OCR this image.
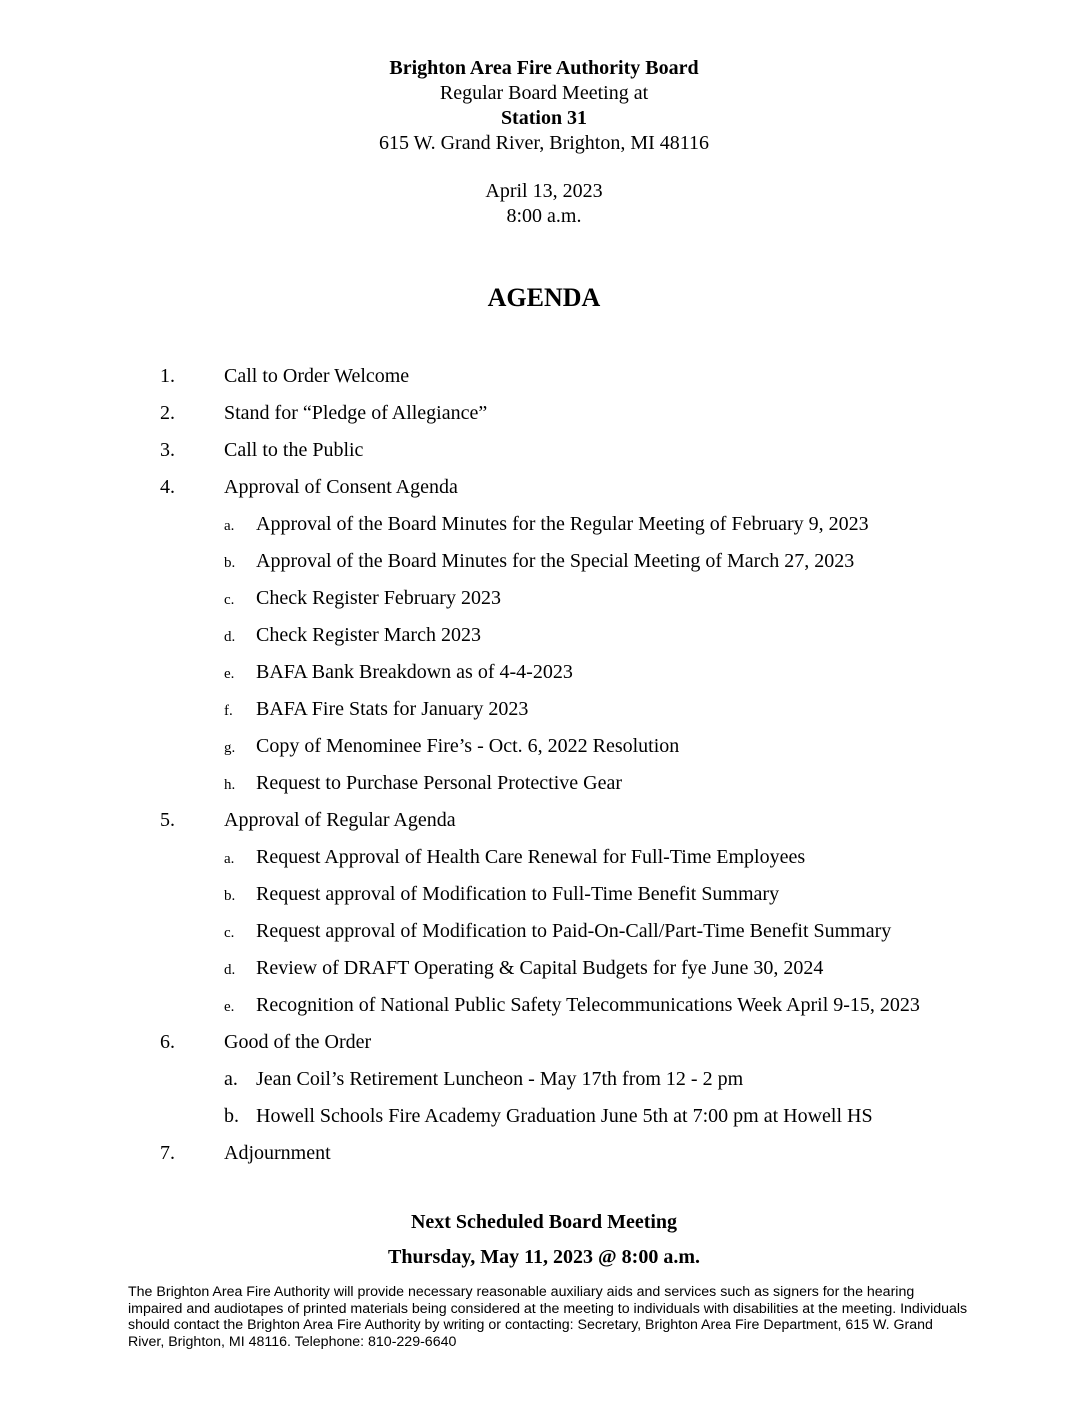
Brighton Area Fire Authority Board
Regular Board Meeting at
Station 31
615 W. Grand River, Brighton, MI 48116
April 13, 2023
8:00 a.m.
AGENDA
1. Call to Order Welcome
2. Stand for “Pledge of Allegiance”
3. Call to the Public
4. Approval of Consent Agenda
a. Approval of the Board Minutes for the Regular Meeting of February 9, 2023
b. Approval of the Board Minutes for the Special Meeting of March 27, 2023
c. Check Register February 2023
d. Check Register March 2023
e. BAFA Bank Breakdown as of 4-4-2023
f. BAFA Fire Stats for January 2023
g. Copy of Menominee Fire’s - Oct. 6, 2022 Resolution
h. Request to Purchase Personal Protective Gear
5. Approval of Regular Agenda
a. Request Approval of Health Care Renewal for Full-Time Employees
b. Request approval of Modification to Full-Time Benefit Summary
c. Request approval of Modification to Paid-On-Call/Part-Time Benefit Summary
d. Review of DRAFT Operating & Capital Budgets for fye June 30, 2024
e. Recognition of National Public Safety Telecommunications Week April 9-15, 2023
6. Good of the Order
a. Jean Coil’s Retirement Luncheon - May 17th from 12 - 2 pm
b. Howell Schools Fire Academy Graduation June 5th at 7:00 pm at Howell HS
7. Adjournment
Next Scheduled Board Meeting
Thursday, May 11, 2023 @ 8:00 a.m.
The Brighton Area Fire Authority will provide necessary reasonable auxiliary aids and services such as signers for the hearing impaired and audiotapes of printed materials being considered at the meeting to individuals with disabilities at the meeting. Individuals should contact the Brighton Area Fire Authority by writing or contacting: Secretary, Brighton Area Fire Department, 615 W. Grand River, Brighton, MI 48116. Telephone: 810-229-6640
